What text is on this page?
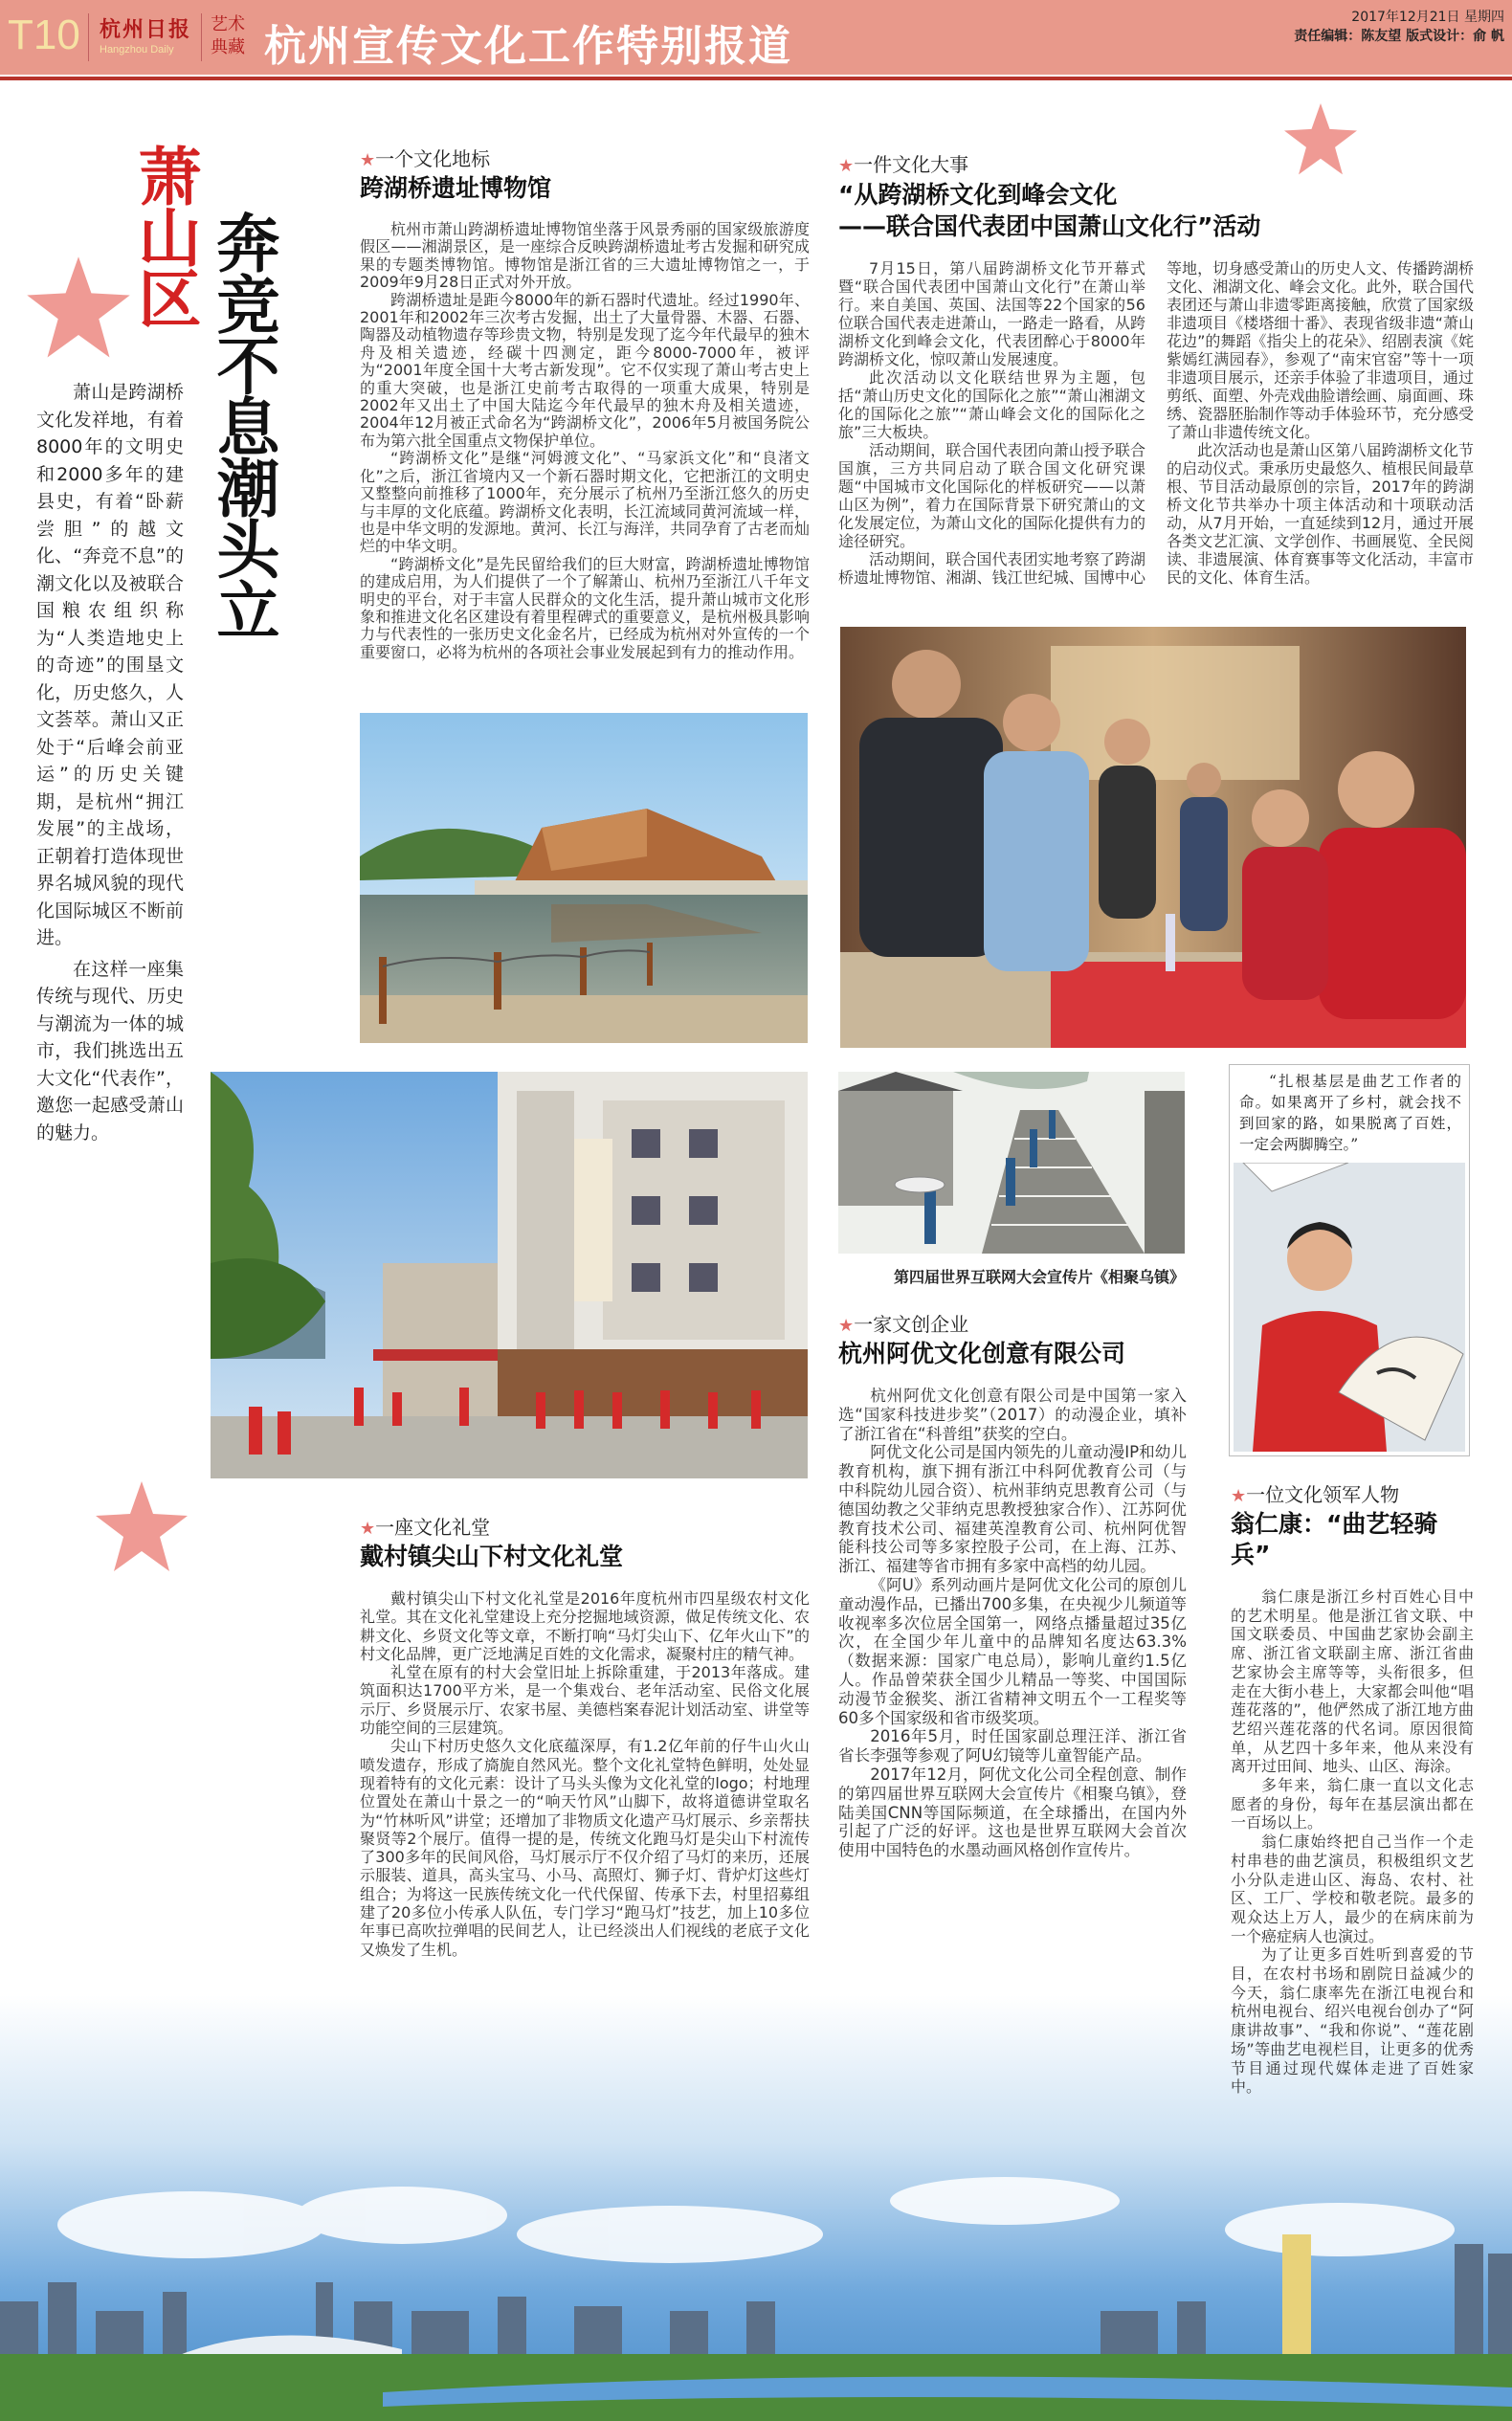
T10 杭州日报
Hangzhou Daily
艺术
典藏 杭州宣传文化工作特别报道
2017年12月21日 星期四
责任编辑：陈友望 版式设计：俞 帆
萧山区 奔竞不息潮头立

萧山是跨湖桥文化发祥地，有着8000年的文明史和2000多年的建县史，有着“卧薪尝胆”的越文化、“奔竞不息”的潮文化以及被联合国粮农组织称为“人类造地史上的奇迹”的围垦文化，历史悠久，人文荟萃。萧山又正处于“后峰会前亚运”的历史关键期，是杭州“拥江发展”的主战场，正朝着打造体现世界名城风貌的现代化国际城区不断前进。

在这样一座集传统与现代、历史与潮流为一体的城市，我们挑选出五大文化“代表作”，邀您一起感受萧山的魅力。

★一个文化地标
跨湖桥遗址博物馆

杭州市萧山跨湖桥遗址博物馆坐落于风景秀丽的国家级旅游度假区——湘湖景区，是一座综合反映跨湖桥遗址考古发掘和研究成果的专题类博物馆。博物馆是浙江省的三大遗址博物馆之一，于2009年9月28日正式对外开放。

跨湖桥遗址是距今8000年的新石器时代遗址。经过1990年、2001年和2002年三次考古发掘，出土了大量骨器、木器、石器、陶器及动植物遗存等珍贵文物，特别是发现了迄今年代最早的独木舟及相关遗迹，经碳十四测定，距今8000-7000年，被评为“2001年度全国十大考古新发现”。它不仅实现了萧山考古史上的重大突破，也是浙江史前考古取得的一项重大成果，特别是2002年又出土了中国大陆迄今年代最早的独木舟及相关遗迹，2004年12月被正式命名为“跨湖桥文化”，2006年5月被国务院公布为第六批全国重点文物保护单位。

“跨湖桥文化”是继“河姆渡文化”、“马家浜文化”和“良渚文化”之后，浙江省境内又一个新石器时期文化，它把浙江的文明史又整整向前推移了1000年，充分展示了杭州乃至浙江悠久的历史与丰厚的文化底蕴。跨湖桥文化表明，长江流域同黄河流域一样，也是中华文明的发源地。黄河、长江与海洋，共同孕育了古老而灿烂的中华文明。

“跨湖桥文化”是先民留给我们的巨大财富，跨湖桥遗址博物馆的建成启用，为人们提供了一个了解萧山、杭州乃至浙江八千年文明史的平台，对于丰富人民群众的文化生活，提升萧山城市文化形象和推进文化名区建设有着里程碑式的重要意义，是杭州极具影响力与代表性的一张历史文化金名片，已经成为杭州对外宣传的一个重要窗口，必将为杭州的各项社会事业发展起到有力的推动作用。

★一座文化礼堂
戴村镇尖山下村文化礼堂

戴村镇尖山下村文化礼堂是2016年度杭州市四星级农村文化礼堂。其在文化礼堂建设上充分挖掘地域资源，做足传统文化、农耕文化、乡贤文化等文章，不断打响“马灯尖山下、亿年火山下”的村文化品牌，更广泛地满足百姓的文化需求，凝聚村庄的精气神。

礼堂在原有的村大会堂旧址上拆除重建，于2013年落成。建筑面积达1700平方米，是一个集戏台、老年活动室、民俗文化展示厅、乡贤展示厅、农家书屋、美德档案春泥计划活动室、讲堂等功能空间的三层建筑。

尖山下村历史悠久文化底蕴深厚，有1.2亿年前的仔牛山火山喷发遗存，形成了旖旎自然风光。整个文化礼堂特色鲜明，处处显现着特有的文化元素：设计了马头头像为文化礼堂的logo；村地理位置处在萧山十景之一的“响天竹风”山脚下，故将道德讲堂取名为“竹林听风”讲堂；还增加了非物质文化遗产马灯展示、乡亲帮扶聚贤等2个展厅。值得一提的是，传统文化跑马灯是尖山下村流传了300多年的民间风俗，马灯展示厅不仅介绍了马灯的来历，还展示服装、道具，高头宝马、小马、高照灯、狮子灯、背炉灯这些灯组合；为将这一民族传统文化一代代保留、传承下去，村里招募组建了20多位小传承人队伍，专门学习“跑马灯”技艺，加上10多位年事已高吹拉弹唱的民间艺人，让已经淡出人们视线的老底子文化又焕发了生机。

★一件文化大事
“从跨湖桥文化到峰会文化
——联合国代表团中国萧山文化行”活动

7月15日，第八届跨湖桥文化节开幕式暨“联合国代表团中国萧山文化行”在萧山举行。来自美国、英国、法国等22个国家的56位联合国代表走进萧山，一路走一路看，从跨湖桥文化到峰会文化，代表团醉心于8000年跨湖桥文化，惊叹萧山发展速度。

此次活动以文化联结世界为主题，包括“萧山历史文化的国际化之旅”“萧山湘湖文化的国际化之旅”“萧山峰会文化的国际化之旅”三大板块。

活动期间，联合国代表团向萧山授予联合国旗，三方共同启动了联合国文化研究课题“中国城市文化国际化的样板研究——以萧山区为例”，着力在国际背景下研究萧山的文化发展定位，为萧山文化的国际化提供有力的途径研究。

活动期间，联合国代表团实地考察了跨湖桥遗址博物馆、湘湖、钱江世纪城、国博中心等地，切身感受萧山的历史人文、传播跨湖桥文化、湘湖文化、峰会文化。此外，联合国代表团还与萧山非遗零距离接触，欣赏了国家级非遗项目《楼塔细十番》、表现省级非遗“萧山花边”的舞蹈《指尖上的花朵》、绍剧表演《姹紫嫣红满园春》，参观了“南宋官窑”等十一项非遗项目展示，还亲手体验了非遗项目，通过剪纸、面塑、外壳戏曲脸谱绘画、扇面画、珠绣、瓷器胚胎制作等动手体验环节，充分感受了萧山非遗传统文化。

此次活动也是萧山区第八届跨湖桥文化节的启动仪式。秉承历史最悠久、植根民间最草根、节目活动最原创的宗旨，2017年的跨湖桥文化节共举办十项主体活动和十项联动活动，从7月开始，一直延续到12月，通过开展各类文艺汇演、文学创作、书画展览、全民阅读、非遗展演、体育赛事等文化活动，丰富市民的文化、体育生活。

第四届世界互联网大会宣传片《相聚乌镇》
★一家文创企业
杭州阿优文化创意有限公司

杭州阿优文化创意有限公司是中国第一家入选“国家科技进步奖”（2017）的动漫企业，填补了浙江省在“科普组”获奖的空白。

阿优文化公司是国内领先的儿童动漫IP和幼儿教育机构，旗下拥有浙江中科阿优教育公司（与中科院幼儿园合资）、杭州菲纳克思教育公司（与德国幼教之父菲纳克思教授独家合作）、江苏阿优教育技术公司、福建英湟教育公司、杭州阿优智能科技公司等多家控股子公司，在上海、江苏、浙江、福建等省市拥有多家中高档的幼儿园。

《阿U》系列动画片是阿优文化公司的原创儿童动漫作品，已播出700多集，在央视少儿频道等收视率多次位居全国第一，网络点播量超过35亿次，在全国少年儿童中的品牌知名度达63.3%（数据来源：国家广电总局），影响儿童约1.5亿人。作品曾荣获全国少儿精品一等奖、中国国际动漫节金猴奖、浙江省精神文明五个一工程奖等60多个国家级和省市级奖项。

2016年5月，时任国家副总理汪洋、浙江省省长李强等参观了阿U幻镜等儿童智能产品。

2017年12月，阿优文化公司全程创意、制作的第四届世界互联网大会宣传片《相聚乌镇》，登陆美国CNN等国际频道，在全球播出，在国内外引起了广泛的好评。这也是世界互联网大会首次使用中国特色的水墨动画风格创作宣传片。

“扎根基层是曲艺工作者的命。如果离开了乡村，就会找不到回家的路，如果脱离了百姓，一定会两脚腾空。”
★一位文化领军人物
翁仁康：“曲艺轻骑兵”

翁仁康是浙江乡村百姓心目中的艺术明星。他是浙江省文联、中国文联委员、中国曲艺家协会副主席、浙江省文联副主席、浙江省曲艺家协会主席等等，头衔很多，但走在大街小巷上，大家都会叫他“唱莲花落的”，他俨然成了浙江地方曲艺绍兴莲花落的代名词。原因很简单，从艺四十多年来，他从来没有离开过田间、地头、山区、海涂。

多年来，翁仁康一直以文化志愿者的身份，每年在基层演出都在一百场以上。

翁仁康始终把自己当作一个走村串巷的曲艺演员，积极组织文艺小分队走进山区、海岛、农村、社区、工厂、学校和敬老院。最多的观众达上万人，最少的在病床前为一个癌症病人也演过。

为了让更多百姓听到喜爱的节目，在农村书场和剧院日益减少的今天，翁仁康率先在浙江电视台和杭州电视台、绍兴电视台创办了“阿康讲故事”、“我和你说”、“莲花剧场”等曲艺电视栏目，让更多的优秀节目通过现代媒体走进了百姓家中。
